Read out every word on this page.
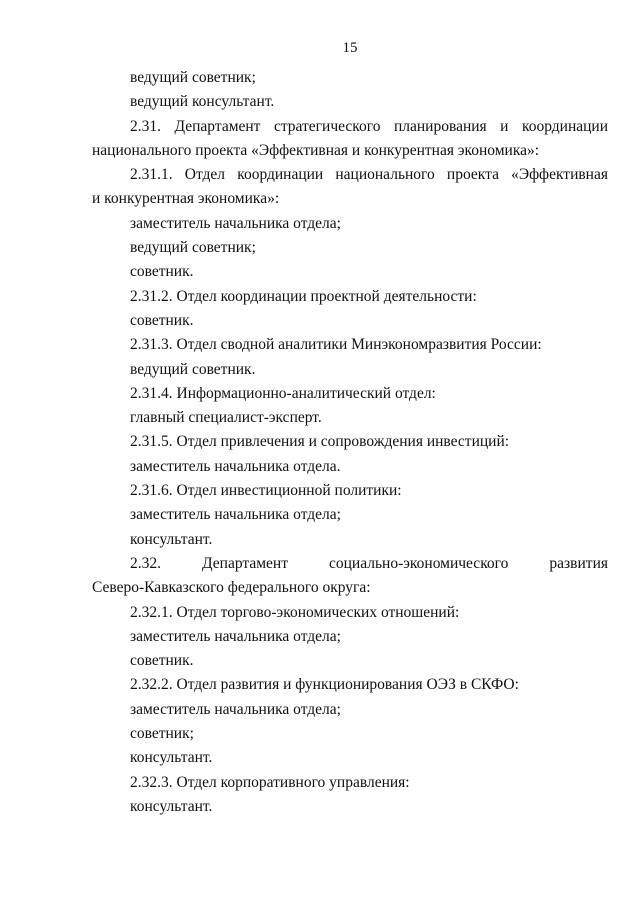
15
ведущий советник;
ведущий консультант.
2.31. Департамент стратегического планирования и координации
национального проекта «Эффективная и конкурентная экономика»:
2.31.1. Отдел координации национального проекта «Эффективная
и конкурентная экономика»:
заместитель начальника отдела;
ведущий советник;
советник.
2.31.2. Отдел координации проектной деятельности:
советник.
2.31.3. Отдел сводной аналитики Минэкономразвития России:
ведущий советник.
2.31.4. Информационно-аналитический отдел:
главный специалист-эксперт.
2.31.5. Отдел привлечения и сопровождения инвестиций:
заместитель начальника отдела.
2.31.6. Отдел инвестиционной политики:
заместитель начальника отдела;
консультант.
2.32. Департамент социально-экономического развития
Северо-Кавказского федерального округа:
2.32.1. Отдел торгово-экономических отношений:
заместитель начальника отдела;
советник.
2.32.2. Отдел развития и функционирования ОЭЗ в СКФО:
заместитель начальника отдела;
советник;
консультант.
2.32.3. Отдел корпоративного управления:
консультант.
